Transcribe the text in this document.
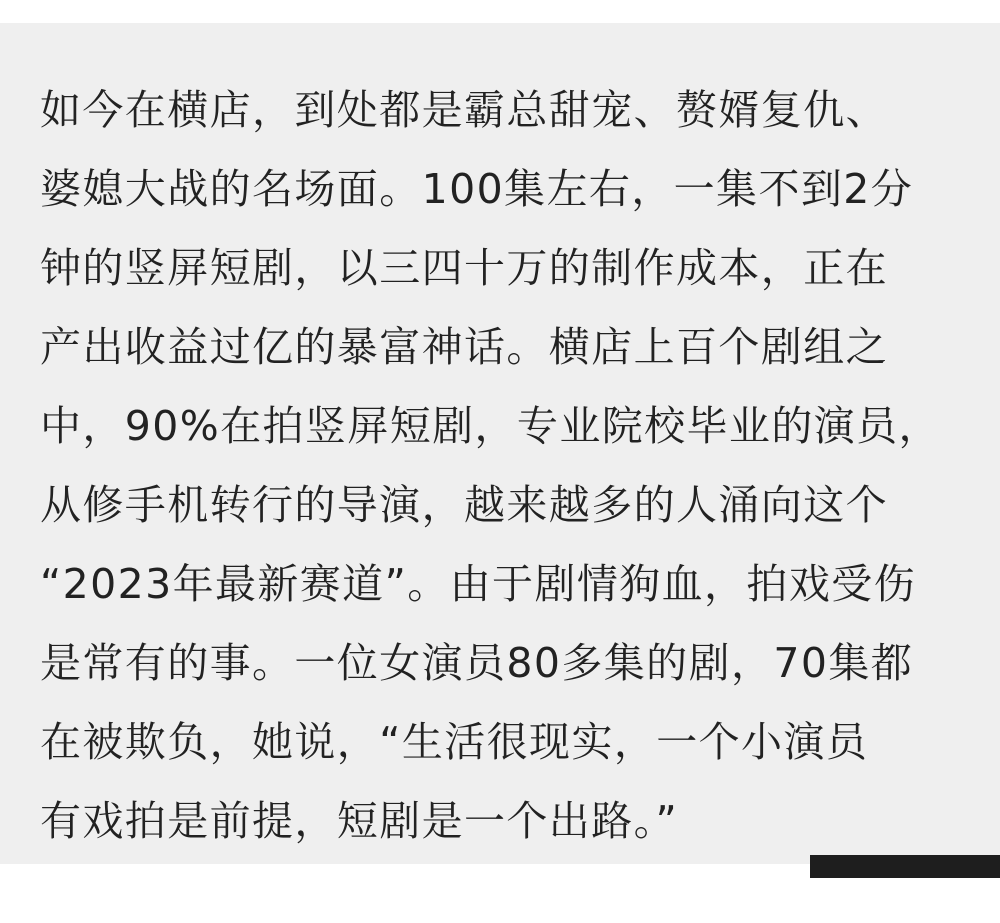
如今在横店，到处都是霸总甜宠、赘婿复仇、
婆媳大战的名场面。100集左右，一集不到2分
钟的竖屏短剧，以三四十万的制作成本，正在
产出收益过亿的暴富神话。横店上百个剧组之
中，90%在拍竖屏短剧，专业院校毕业的演员，
从修手机转行的导演，越来越多的人涌向这个
“2023年最新赛道”。由于剧情狗血，拍戏受伤
是常有的事。一位女演员80多集的剧，70集都
在被欺负，她说，“生活很现实，一个小演员
有戏拍是前提，短剧是一个出路。”
